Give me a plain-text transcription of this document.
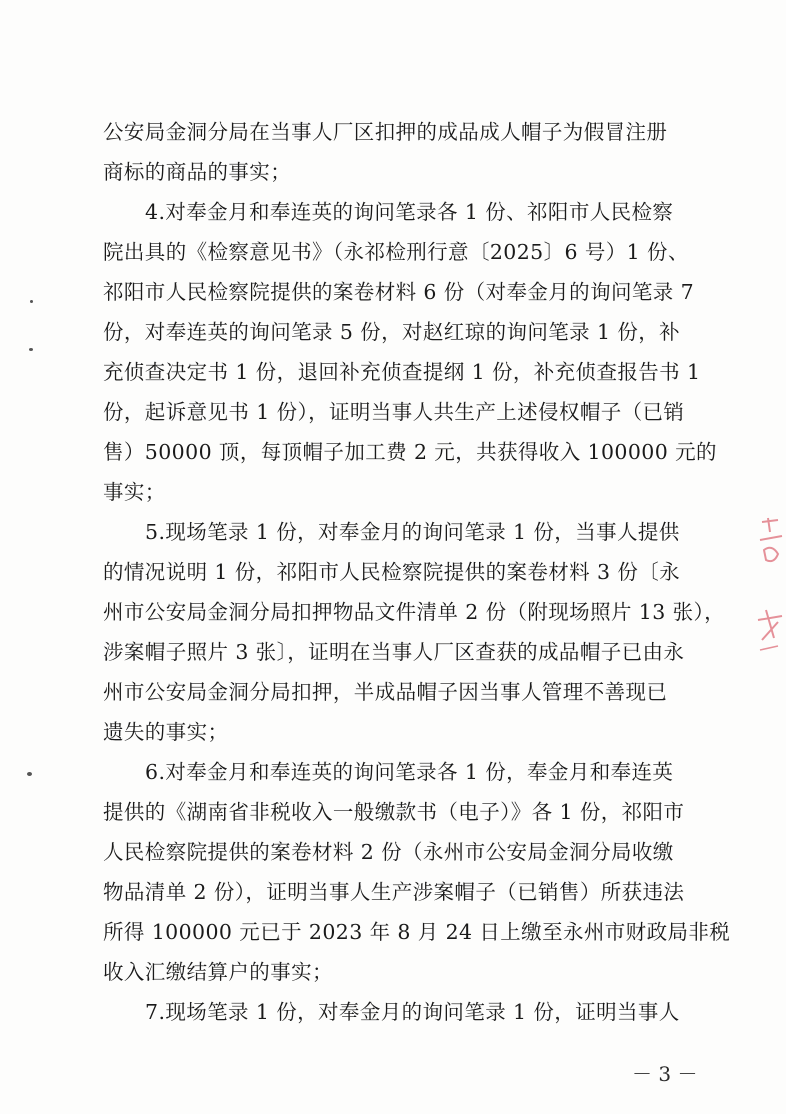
公安局金洞分局在当事人厂区扣押的成品成人帽子为假冒注册
商标的商品的事实；
4.对奉金月和奉连英的询问笔录各 1 份、祁阳市人民检察
院出具的《检察意见书》（永祁检刑行意〔2025〕6 号）1 份、
祁阳市人民检察院提供的案卷材料 6 份（对奉金月的询问笔录 7
份，对奉连英的询问笔录 5 份，对赵红琼的询问笔录 1 份，补
充侦查决定书 1 份，退回补充侦查提纲 1 份，补充侦查报告书 1
份，起诉意见书 1 份），证明当事人共生产上述侵权帽子（已销
售）50000 顶，每顶帽子加工费 2 元，共获得收入 100000 元的
事实；
5.现场笔录 1 份，对奉金月的询问笔录 1 份，当事人提供
的情况说明 1 份，祁阳市人民检察院提供的案卷材料 3 份〔永
州市公安局金洞分局扣押物品文件清单 2 份（附现场照片 13 张），
涉案帽子照片 3 张〕，证明在当事人厂区查获的成品帽子已由永
州市公安局金洞分局扣押，半成品帽子因当事人管理不善现已
遗失的事实；
6.对奉金月和奉连英的询问笔录各 1 份，奉金月和奉连英
提供的《湖南省非税收入一般缴款书（电子）》各 1 份，祁阳市
人民检察院提供的案卷材料 2 份（永州市公安局金洞分局收缴
物品清单 2 份），证明当事人生产涉案帽子（已销售）所获违法
所得 100000 元已于 2023 年 8 月 24 日上缴至永州市财政局非税
收入汇缴结算户的事实；
7.现场笔录 1 份，对奉金月的询问笔录 1 份，证明当事人
－ 3 －
